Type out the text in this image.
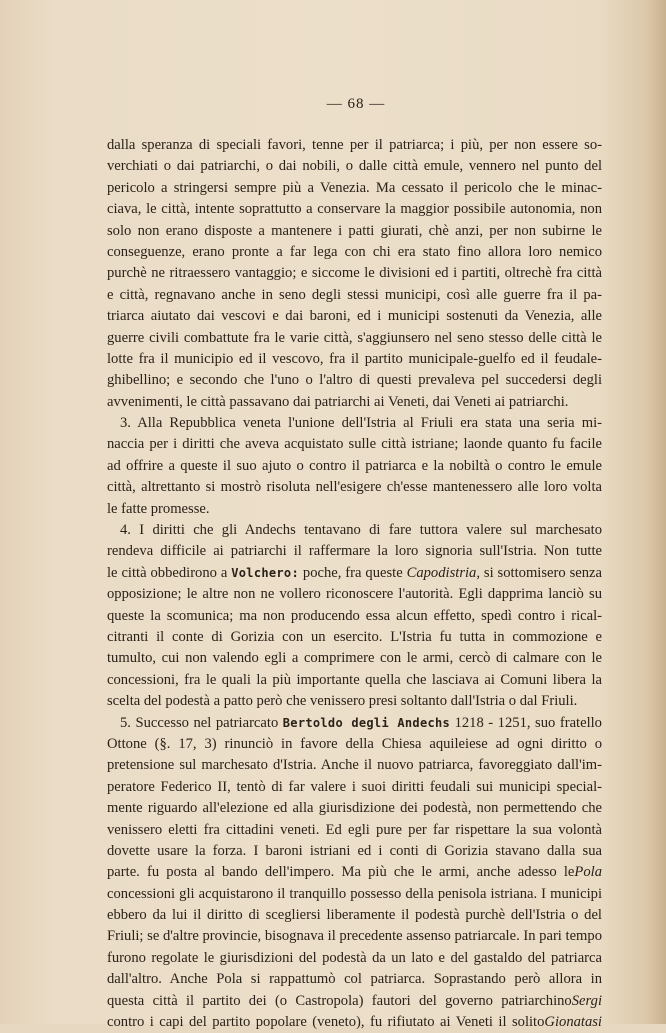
— 68 —
dalla speranza di speciali favori, tenne per il patriarca; i più, per non essere so-
verchiati o dai patriarchi, o dai nobili, o dalle città emule, vennero nel punto del
pericolo a stringersi sempre più a Venezia. Ma cessato il pericolo che le minac-
ciava, le città, intente soprattutto a conservare la maggior possibile autonomia, non
solo non erano disposte a mantenere i patti giurati, chè anzi, per non subirne le
conseguenze, erano pronte a far lega con chi era stato fino allora loro nemico
purchè ne ritraessero vantaggio; e siccome le divisioni ed i partiti, oltrechè fra città
e città, regnavano anche in seno degli stessi municipi, così alle guerre fra il pa-
triarca aiutato dai vescovi e dai baroni, ed i municipi sostenuti da Venezia, alle
guerre civili combattute fra le varie città, s'aggiunsero nel seno stesso delle città le
lotte fra il municipio ed il vescovo, fra il partito municipale-guelfo ed il feudale-
ghibellino; e secondo che l'uno o l'altro di questi prevaleva pel succedersi degli
avvenimenti, le città passavano dai patriarchi ai Veneti, dai Veneti ai patriarchi.
3. Alla Repubblica veneta l'unione dell'Istria al Friuli era stata una seria mi-
naccia per i diritti che aveva acquistato sulle città istriane; laonde quanto fu facile
ad offrire a queste il suo ajuto o contro il patriarca e la nobiltà o contro le emule
città, altrettanto si mostrò risoluta nell'esigere ch'esse mantenessero alle loro volta
le fatte promesse.
4. I diritti che gli Andechs tentavano di fare tuttora valere sul marchesato
rendeva difficile ai patriarchi il raffermare la loro signoria sull'Istria. Non tutte
le città obbedirono a Volchero: poche, fra queste Capodistria, si sottomisero senza
opposizione; le altre non ne vollero riconoscere l'autorità. Egli dapprima lanciò su
queste la scomunica; ma non producendo essa alcun effetto, spedì contro i rical-
citranti il conte di Gorizia con un esercito. L'Istria fu tutta in commozione e
tumulto, cui non valendo egli a comprimere con le armi, cercò di calmare con le
concessioni, fra le quali la più importante quella che lasciava ai Comuni libera la
scelta del podestà a patto però che venissero presi soltanto dall'Istria o dal Friuli.
5. Successo nel patriarcato Bertoldo degli Andechs 1218 - 1251, suo fratello
Ottone (§. 17, 3) rinunciò in favore della Chiesa aquileiese ad ogni diritto o
pretensione sul marchesato d'Istria. Anche il nuovo patriarca, favoreggiato dall'im-
peratore Federico II, tentò di far valere i suoi diritti feudali sui municipi special-
mente riguardo all'elezione ed alla giurisdizione dei podestà, non permettendo che
venissero eletti fra cittadini veneti. Ed egli pure per far rispettare la sua volontà
dovette usare la forza. I baroni istriani ed i conti di Gorizia stavano dalla sua
parte. fu posta al bando dell'impero. Ma più che le armi, anche adesso lePola
concessioni gli acquistarono il tranquillo possesso della penisola istriana. I municipi
ebbero da lui il diritto di scegliersi liberamente il podestà purchè dell'Istria o del
Friuli; se d'altre provincie, bisognava il precedente assenso patriarcale. In pari tempo
furono regolate le giurisdizioni del podestà da un lato e del gastaldo del patriarca
dall'altro. Anche Pola si rappattumò col patriarca. Soprastando però allora in
questa città il partito dei (o Castropola) fautori del governo patriarchinoSergi
contro i capi del partito popolare (veneto), fu rifiutato ai Veneti il solitoGionatasi
